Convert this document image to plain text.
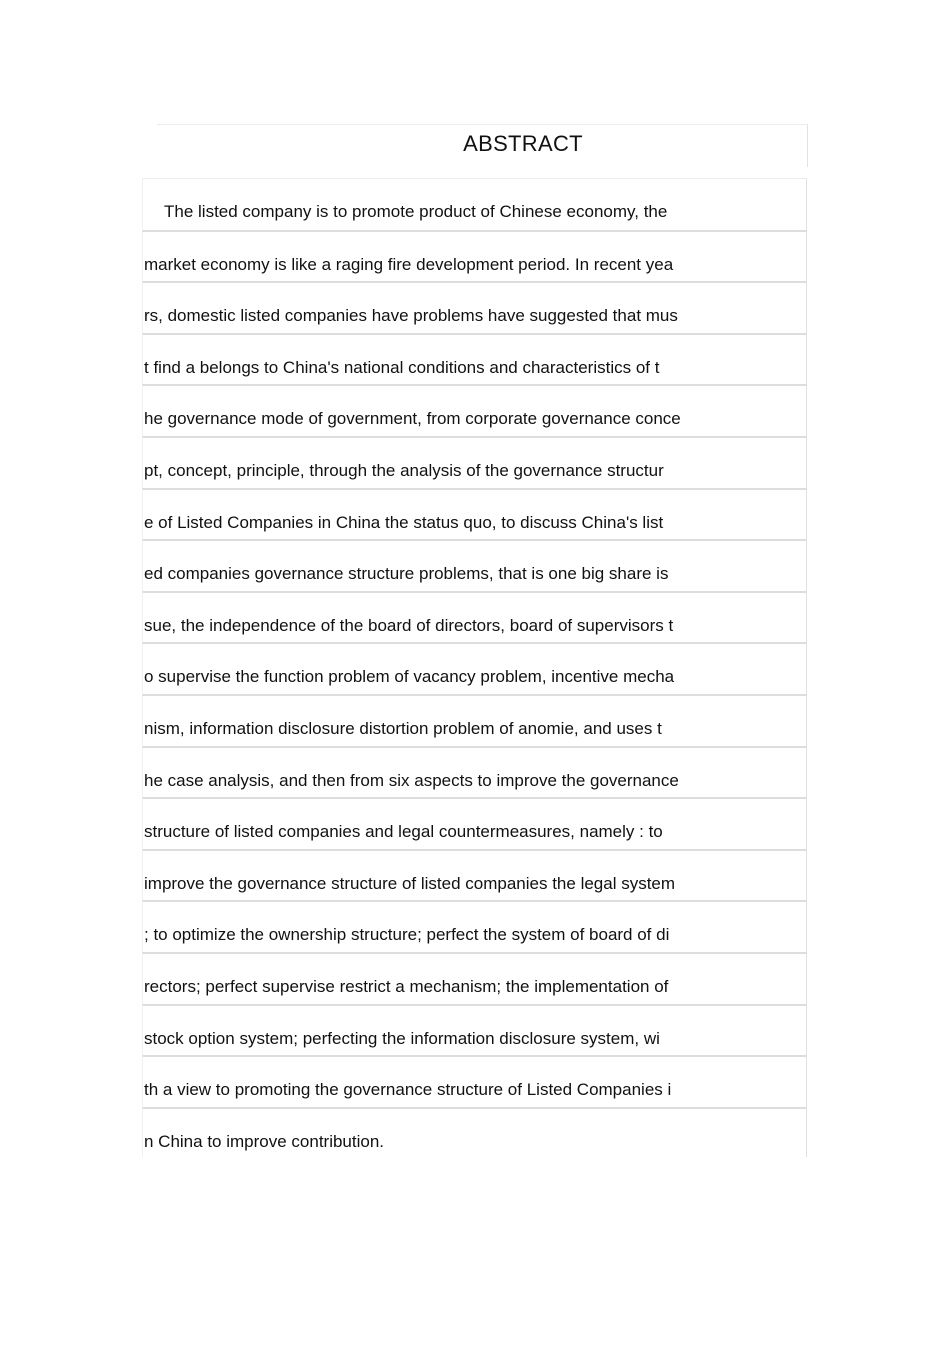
ABSTRACT
The listed company is to promote product of Chinese economy, the
market economy is like a raging fire development period. In recent yea
rs, domestic listed companies have problems have suggested that mus
t find a belongs to China's national conditions and characteristics of t
he governance mode of government, from corporate governance conce
pt, concept, principle, through the analysis of the governance structur
e of Listed Companies in China the status quo, to discuss China's list
ed companies governance structure problems, that is one big share is
sue, the independence of the board of directors, board of supervisors t
o supervise the function problem of vacancy problem, incentive mecha
nism, information disclosure distortion problem of anomie, and uses t
he case analysis, and then from six aspects to improve the governance
structure of listed companies and legal countermeasures, namely : to
improve the governance structure of listed companies the legal system
; to optimize the ownership structure; perfect the system of board of di
rectors; perfect supervise restrict a mechanism; the implementation of
stock option system; perfecting the information disclosure system, wi
th a view to promoting the governance structure of Listed Companies i
n China to improve contribution.
